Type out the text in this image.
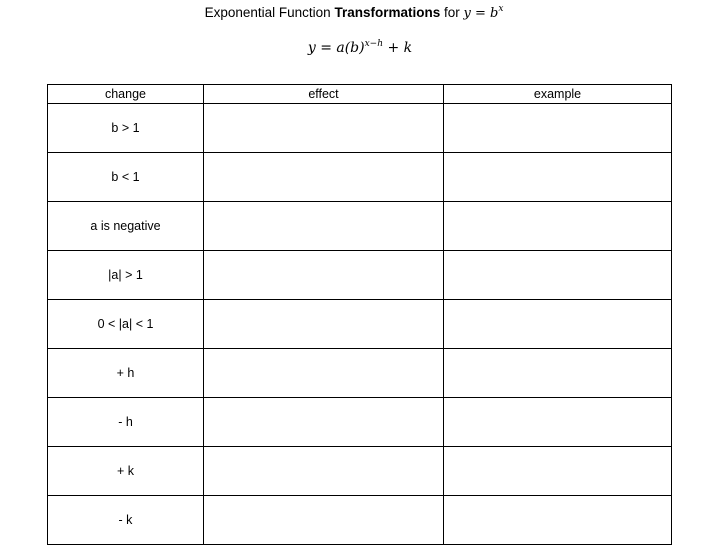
Exponential Function Transformations for $y = b^x$
$y = a(b)^{x-h} + k$
change	effect	example
b > 1		
b < 1		
a is negative		
|a| > 1		
0 < |a| < 1		
+ h		
- h		
+ k		
- k		
